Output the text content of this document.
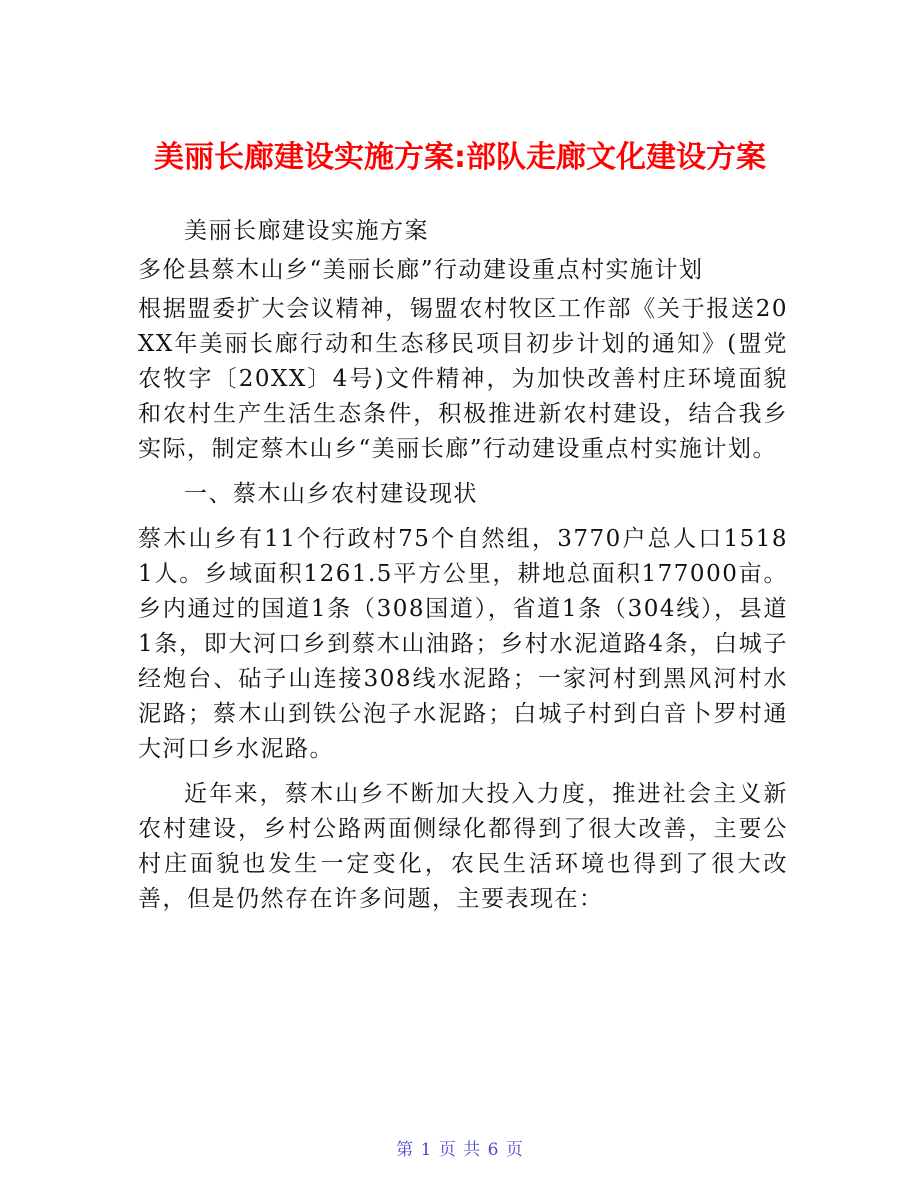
美丽长廊建设实施方案:部队走廊文化建设方案

美丽长廊建设实施方案

多伦县蔡木山乡“美丽长廊”行动建设重点村实施计划

根据盟委扩大会议精神，锡盟农村牧区工作部《关于报送20XX年美丽长廊行动和生态移民项目初步计划的通知》(盟党农牧字〔20XX〕4号)文件精神，为加快改善村庄环境面貌和农村生产生活生态条件，积极推进新农村建设，结合我乡实际，制定蔡木山乡“美丽长廊”行动建设重点村实施计划。

一、蔡木山乡农村建设现状

蔡木山乡有11个行政村75个自然组，3770户总人口15181人。乡域面积1261.5平方公里，耕地总面积177000亩。乡内通过的国道1条（308国道），省道1条（304线），县道1条，即大河口乡到蔡木山油路；乡村水泥道路4条，白城子经炮台、砧子山连接308线水泥路；一家河村到黑风河村水泥路；蔡木山到铁公泡子水泥路；白城子村到白音卜罗村通大河口乡水泥路。

近年来，蔡木山乡不断加大投入力度，推进社会主义新农村建设，乡村公路两面侧绿化都得到了很大改善，主要公村庄面貌也发生一定变化，农民生活环境也得到了很大改善，但是仍然存在许多问题，主要表现在：

第 1 页 共 6 页
